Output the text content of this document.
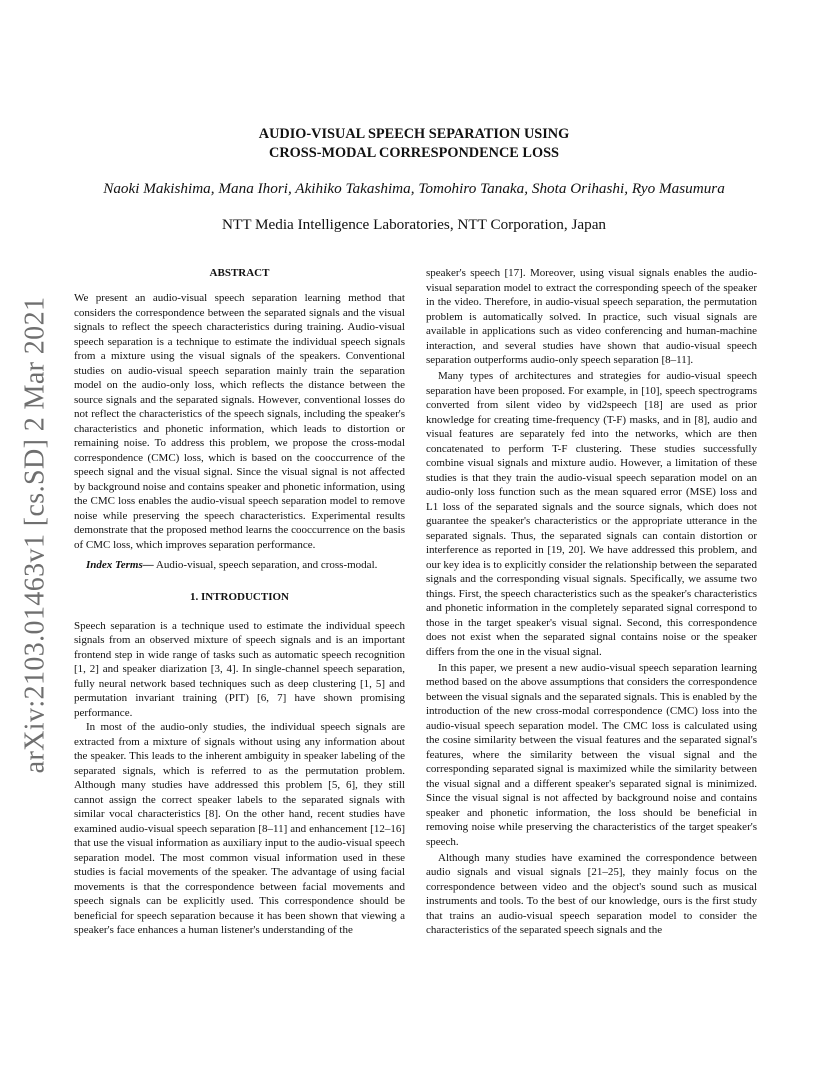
arXiv:2103.01463v1 [cs.SD] 2 Mar 2021
AUDIO-VISUAL SPEECH SEPARATION USING
CROSS-MODAL CORRESPONDENCE LOSS
Naoki Makishima, Mana Ihori, Akihiko Takashima, Tomohiro Tanaka, Shota Orihashi, Ryo Masumura
NTT Media Intelligence Laboratories, NTT Corporation, Japan
ABSTRACT

We present an audio-visual speech separation learning method that considers the correspondence between the separated signals and the visual signals to reflect the speech characteristics during training. Audio-visual speech separation is a technique to estimate the individual speech signals from a mixture using the visual signals of the speakers. Conventional studies on audio-visual speech separation mainly train the separation model on the audio-only loss, which reflects the distance between the source signals and the separated signals. However, conventional losses do not reflect the characteristics of the speech signals, including the speaker's characteristics and phonetic information, which leads to distortion or remaining noise. To address this problem, we propose the cross-modal correspondence (CMC) loss, which is based on the cooccurrence of the speech signal and the visual signal. Since the visual signal is not affected by background noise and contains speaker and phonetic information, using the CMC loss enables the audio-visual speech separation model to remove noise while preserving the speech characteristics. Experimental results demonstrate that the proposed method learns the cooccurrence on the basis of CMC loss, which improves separation performance.

Index Terms— Audio-visual, speech separation, and cross-modal.

1. INTRODUCTION

Speech separation is a technique used to estimate the individual speech signals from an observed mixture of speech signals and is an important frontend step in wide range of tasks such as automatic speech recognition [1, 2] and speaker diarization [3, 4]. In single-channel speech separation, fully neural network based techniques such as deep clustering [1, 5] and permutation invariant training (PIT) [6, 7] have shown promising performance.

In most of the audio-only studies, the individual speech signals are extracted from a mixture of signals without using any information about the speaker. This leads to the inherent ambiguity in speaker labeling of the separated signals, which is referred to as the permutation problem. Although many studies have addressed this problem [5, 6], they still cannot assign the correct speaker labels to the separated signals with similar vocal characteristics [8]. On the other hand, recent studies have examined audio-visual speech separation [8–11] and enhancement [12–16] that use the visual information as auxiliary input to the audio-visual speech separation model. The most common visual information used in these studies is facial movements of the speaker. The advantage of using facial movements is that the correspondence between facial movements and speech signals can be explicitly used. This correspondence should be beneficial for speech separation because it has been shown that viewing a speaker's face enhances a human listener's understanding of the

speaker's speech [17]. Moreover, using visual signals enables the audio-visual separation model to extract the corresponding speech of the speaker in the video. Therefore, in audio-visual speech separation, the permutation problem is automatically solved. In practice, such visual signals are available in applications such as video conferencing and human-machine interaction, and several studies have shown that audio-visual speech separation outperforms audio-only speech separation [8–11].

Many types of architectures and strategies for audio-visual speech separation have been proposed. For example, in [10], speech spectrograms converted from silent video by vid2speech [18] are used as prior knowledge for creating time-frequency (T-F) masks, and in [8], audio and visual features are separately fed into the networks, which are then concatenated to perform T-F clustering. These studies successfully combine visual signals and mixture audio. However, a limitation of these studies is that they train the audio-visual speech separation model on an audio-only loss function such as the mean squared error (MSE) loss and L1 loss of the separated signals and the source signals, which does not guarantee the speaker's characteristics or the appropriate utterance in the separated signals. Thus, the separated signals can contain distortion or interference as reported in [19, 20]. We have addressed this problem, and our key idea is to explicitly consider the relationship between the separated signals and the corresponding visual signals. Specifically, we assume two things. First, the speech characteristics such as the speaker's characteristics and phonetic information in the completely separated signal correspond to those in the target speaker's visual signal. Second, this correspondence does not exist when the separated signal contains noise or the speaker differs from the one in the visual signal.

In this paper, we present a new audio-visual speech separation learning method based on the above assumptions that considers the correspondence between the visual signals and the separated signals. This is enabled by the introduction of the new cross-modal correspondence (CMC) loss into the audio-visual speech separation model. The CMC loss is calculated using the cosine similarity between the visual features and the separated signal's features, where the similarity between the visual signal and the corresponding separated signal is maximized while the similarity between the visual signal and a different speaker's separated signal is minimized. Since the visual signal is not affected by background noise and contains speaker and phonetic information, the loss should be beneficial in removing noise while preserving the characteristics of the target speaker's speech.

Although many studies have examined the correspondence between audio signals and visual signals [21–25], they mainly focus on the correspondence between video and the object's sound such as musical instruments and tools. To the best of our knowledge, ours is the first study that trains an audio-visual speech separation model to consider the characteristics of the separated speech signals and the
